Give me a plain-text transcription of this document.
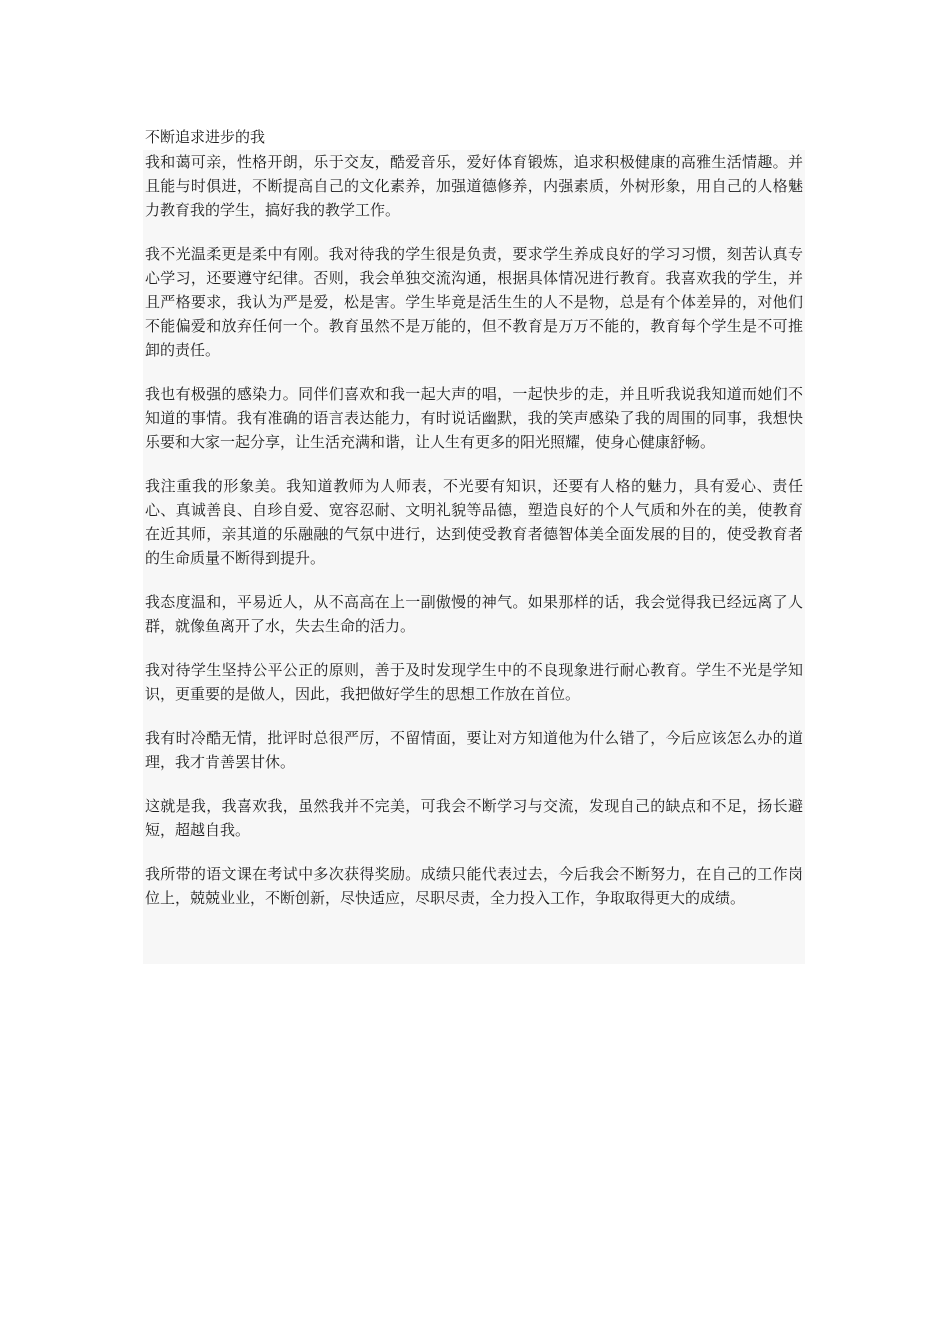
不断追求进步的我

我和蔼可亲，性格开朗，乐于交友，酷爱音乐，爱好体育锻炼，追求积极健康的高雅生活情趣。并且能与时俱进，不断提高自己的文化素养，加强道德修养，内强素质，外树形象，用自己的人格魅力教育我的学生，搞好我的教学工作。

我不光温柔更是柔中有刚。我对待我的学生很是负责，要求学生养成良好的学习习惯，刻苦认真专心学习，还要遵守纪律。否则，我会单独交流沟通，根据具体情况进行教育。我喜欢我的学生，并且严格要求，我认为严是爱，松是害。学生毕竟是活生生的人不是物，总是有个体差异的，对他们不能偏爱和放弃任何一个。教育虽然不是万能的，但不教育是万万不能的，教育每个学生是不可推卸的责任。

我也有极强的感染力。同伴们喜欢和我一起大声的唱，一起快步的走，并且听我说我知道而她们不知道的事情。我有准确的语言表达能力，有时说话幽默，我的笑声感染了我的周围的同事，我想快乐要和大家一起分享，让生活充满和谐，让人生有更多的阳光照耀，使身心健康舒畅。

我注重我的形象美。我知道教师为人师表，不光要有知识，还要有人格的魅力，具有爱心、责任心、真诚善良、自珍自爱、宽容忍耐、文明礼貌等品德，塑造良好的个人气质和外在的美，使教育在近其师，亲其道的乐融融的气氛中进行，达到使受教育者德智体美全面发展的目的，使受教育者的生命质量不断得到提升。

我态度温和，平易近人，从不高高在上一副傲慢的神气。如果那样的话，我会觉得我已经远离了人群，就像鱼离开了水，失去生命的活力。

我对待学生坚持公平公正的原则，善于及时发现学生中的不良现象进行耐心教育。学生不光是学知识，更重要的是做人，因此，我把做好学生的思想工作放在首位。

我有时冷酷无情，批评时总很严厉，不留情面，要让对方知道他为什么错了，今后应该怎么办的道理，我才肯善罢甘休。

这就是我，我喜欢我，虽然我并不完美，可我会不断学习与交流，发现自己的缺点和不足，扬长避短，超越自我。

我所带的语文课在考试中多次获得奖励。成绩只能代表过去，今后我会不断努力，在自己的工作岗位上，兢兢业业，不断创新，尽快适应，尽职尽责，全力投入工作，争取取得更大的成绩。
